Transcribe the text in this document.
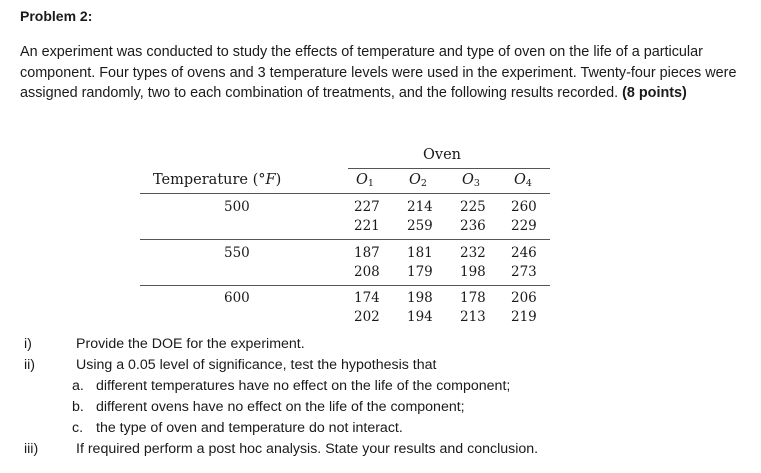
Problem 2:
An experiment was conducted to study the effects of temperature and type of oven on the life of a particular component. Four types of ovens and 3 temperature levels were used in the experiment. Twenty-four pieces were assigned randomly, two to each combination of treatments, and the following results recorded. (8 points)
Oven
Temperature (°F)	$O_1$ $O_2$ $O_3$ $O_4$
500	227 214 225 260
221 259 236 229
550	187 181 232 246
208 179 198 273
600	174 198 178 206
202 194 213 219
i)	Provide the DOE for the experiment.
ii)	Using a 0.05 level of significance, test the hypothesis that
a. different temperatures have no effect on the life of the component;
b. different ovens have no effect on the life of the component;
c. the type of oven and temperature do not interact.
iii)	If required perform a post hoc analysis. State your results and conclusion.
